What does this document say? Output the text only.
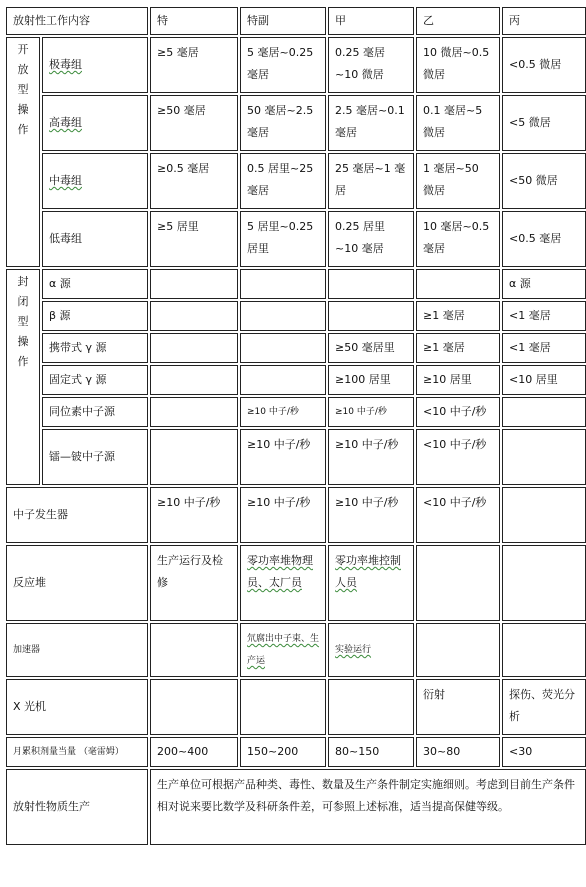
放射性工作内容		特	特副	甲	乙	丙

开
放
型
操
作	极毒组	≥5 毫居	5 毫居~0.25 毫居	0.25 毫居~10 微居	10 微居~0.5 微居	<0.5 微居
	高毒组	≥50 毫居	50 毫居~2.5 毫居	2.5 毫居~0.1 毫居	0.1 毫居~5 微居	<5 微居
	中毒组	≥0.5 毫居	0.5 居里~25 毫居	25 毫居~1 毫居	1 毫居~50 微居	<50 微居
	低毒组	≥5 居里	5 居里~0.25 居里	0.25 居里~10 毫居	10 毫居~0.5 毫居	<0.5 毫居

封
闭
型
操
作	α 源					α 源
	β 源				≥1 毫居	<1 毫居
	携带式 γ 源			≥50 毫居里	≥1 毫居	<1 毫居
	固定式 γ 源			≥100 居里	≥10 居里	<10 居里
	同位素中子源		≥10 中子/秒	≥10 中子/秒	<10 中子/秒	
	镭—铍中子源		≥10 中子/秒	≥10 中子/秒	<10 中子/秒	
中子发生器		≥10 中子/秒	≥10 中子/秒	≥10 中子/秒	<10 中子/秒	
反应堆		生产运行及检修	零功率堆物理员、太厂员	零功率堆控制人员		
加速器			氘腐出中子束、生产运	实验运行		
X 光机					衍射	探伤、荧光分析
月累积剂量当量 （毫雷姆）		200~400	150~200	80~150	30~80	<30
放射性物质生产		生产单位可根据产品种类、毒性、数量及生产条件制定实施细则。考虑到目前生产条件相对说来要比数学及科研条件差，可参照上述标准，适当提高保健等级。				
